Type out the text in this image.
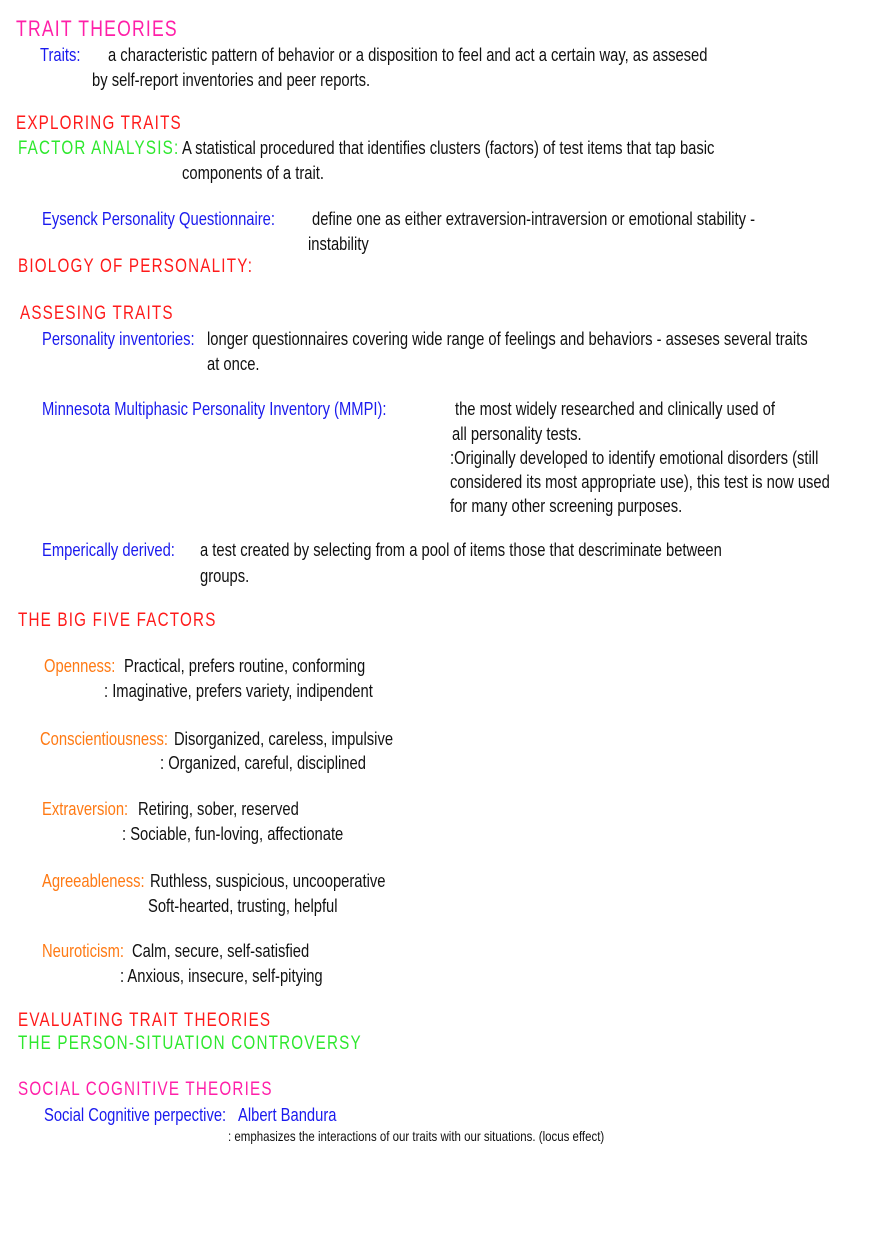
TRAIT THEORIES
Traits: a characteristic pattern of behavior or a disposition to feel and act a certain way, as assesed
by self-report inventories and peer reports.
EXPLORING TRAITS
FACTOR ANALYSIS: A statistical procedured that identifies clusters (factors) of test items that tap basic
components of a trait.
Eysenck Personality Questionnaire: define one as either extraversion-intraversion or emotional stability -
instability
BIOLOGY OF PERSONALITY:
ASSESING TRAITS
Personality inventories: longer questionnaires covering wide range of feelings and behaviors - asseses several traits
at once.
Minnesota Multiphasic Personality Inventory (MMPI):	the most widely researched and clinically used of
all personality tests.
:Originally developed to identify emotional disorders (still
considered its most appropriate use), this test is now used
for many other screening purposes.
Emperically derived: a test created by selecting from a pool of items those that descriminate between
groups.
THE BIG FIVE FACTORS
Openness: Practical, prefers routine, conforming
: Imaginative, prefers variety, indipendent
Conscientiousness: Disorganized, careless, impulsive
: Organized, careful, disciplined
Extraversion: Retiring, sober, reserved
: Sociable, fun-loving, affectionate
Agreeableness: Ruthless, suspicious, uncooperative
Soft-hearted, trusting, helpful
Neuroticism: Calm, secure, self-satisfied
: Anxious, insecure, self-pitying
EVALUATING TRAIT THEORIES
THE PERSON-SITUATION CONTROVERSY
SOCIAL COGNITIVE THEORIES
Social Cognitive perpective: Albert Bandura
: emphasizes the interactions of our traits with our situations. (locus effect)
